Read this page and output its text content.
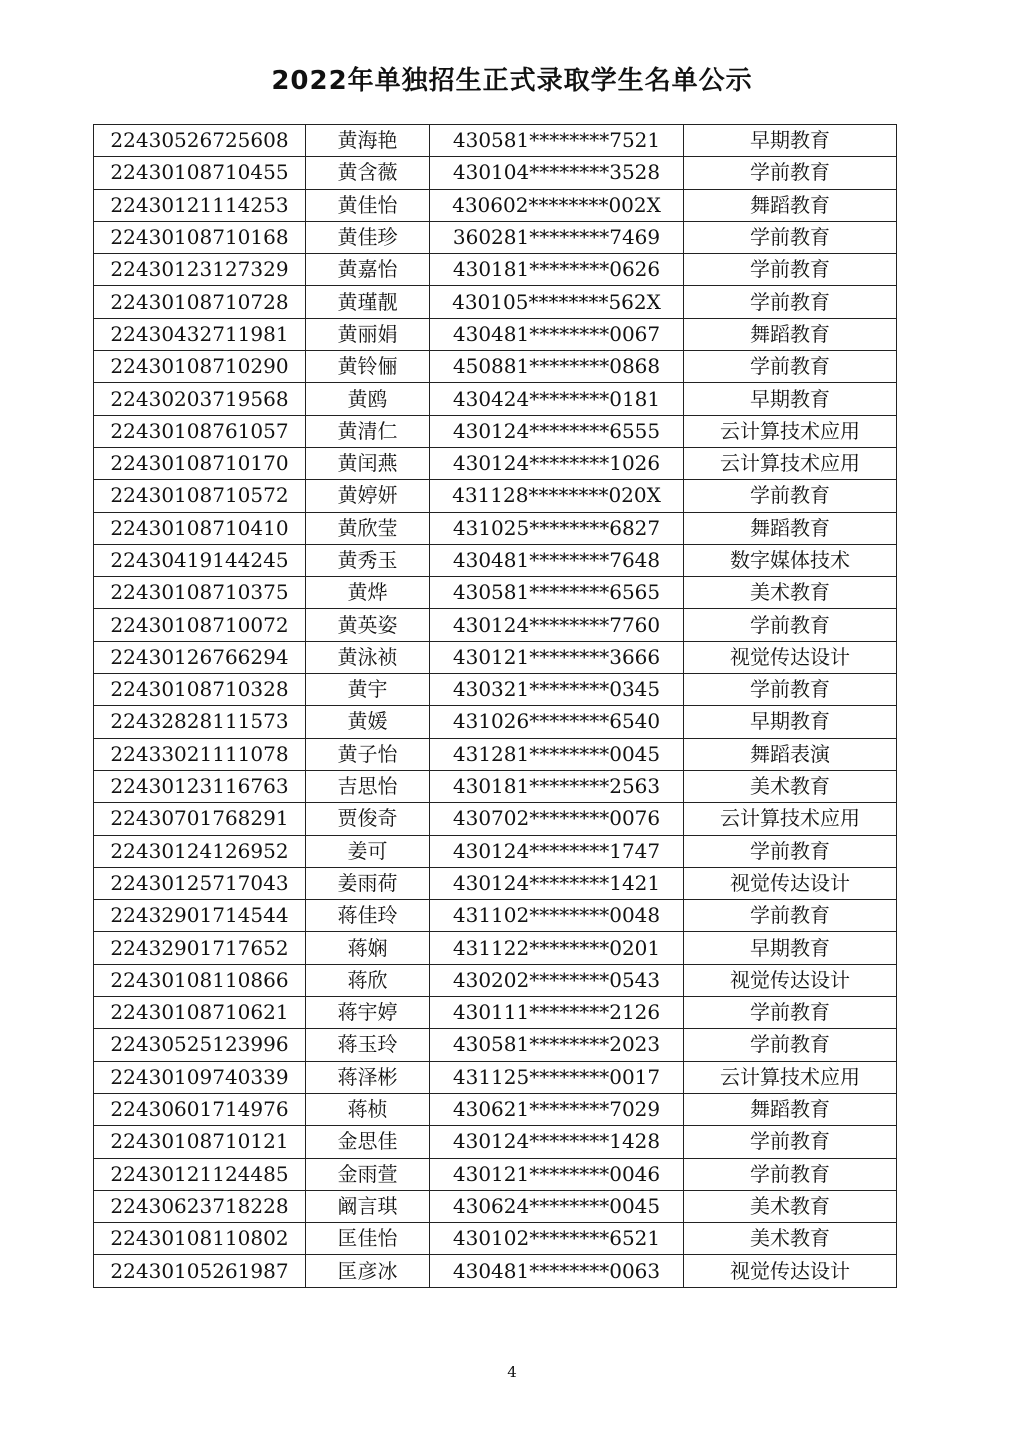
2022年单独招生正式录取学生名单公示
22430526725608	黄海艳	430581********7521	早期教育
22430108710455	黄含薇	430104********3528	学前教育
22430121114253	黄佳怡	430602********002X	舞蹈教育
22430108710168	黄佳珍	360281********7469	学前教育
22430123127329	黄嘉怡	430181********0626	学前教育
22430108710728	黄瑾靓	430105********562X	学前教育
22430432711981	黄丽娟	430481********0067	舞蹈教育
22430108710290	黄铃俪	450881********0868	学前教育
22430203719568	黄鸥	430424********0181	早期教育
22430108761057	黄清仁	430124********6555	云计算技术应用
22430108710170	黄闰燕	430124********1026	云计算技术应用
22430108710572	黄婷妍	431128********020X	学前教育
22430108710410	黄欣莹	431025********6827	舞蹈教育
22430419144245	黄秀玉	430481********7648	数字媒体技术
22430108710375	黄烨	430581********6565	美术教育
22430108710072	黄英姿	430124********7760	学前教育
22430126766294	黄泳祯	430121********3666	视觉传达设计
22430108710328	黄宇	430321********0345	学前教育
22432828111573	黄媛	431026********6540	早期教育
22433021111078	黄子怡	431281********0045	舞蹈表演
22430123116763	吉思怡	430181********2563	美术教育
22430701768291	贾俊奇	430702********0076	云计算技术应用
22430124126952	姜可	430124********1747	学前教育
22430125717043	姜雨荷	430124********1421	视觉传达设计
22432901714544	蒋佳玲	431102********0048	学前教育
22432901717652	蒋娴	431122********0201	早期教育
22430108110866	蒋欣	430202********0543	视觉传达设计
22430108710621	蒋宇婷	430111********2126	学前教育
22430525123996	蒋玉玲	430581********2023	学前教育
22430109740339	蒋泽彬	431125********0017	云计算技术应用
22430601714976	蒋桢	430621********7029	舞蹈教育
22430108710121	金思佳	430124********1428	学前教育
22430121124485	金雨萱	430121********0046	学前教育
22430623718228	阚言琪	430624********0045	美术教育
22430108110802	匡佳怡	430102********6521	美术教育
22430105261987	匡彦冰	430481********0063	视觉传达设计
4
